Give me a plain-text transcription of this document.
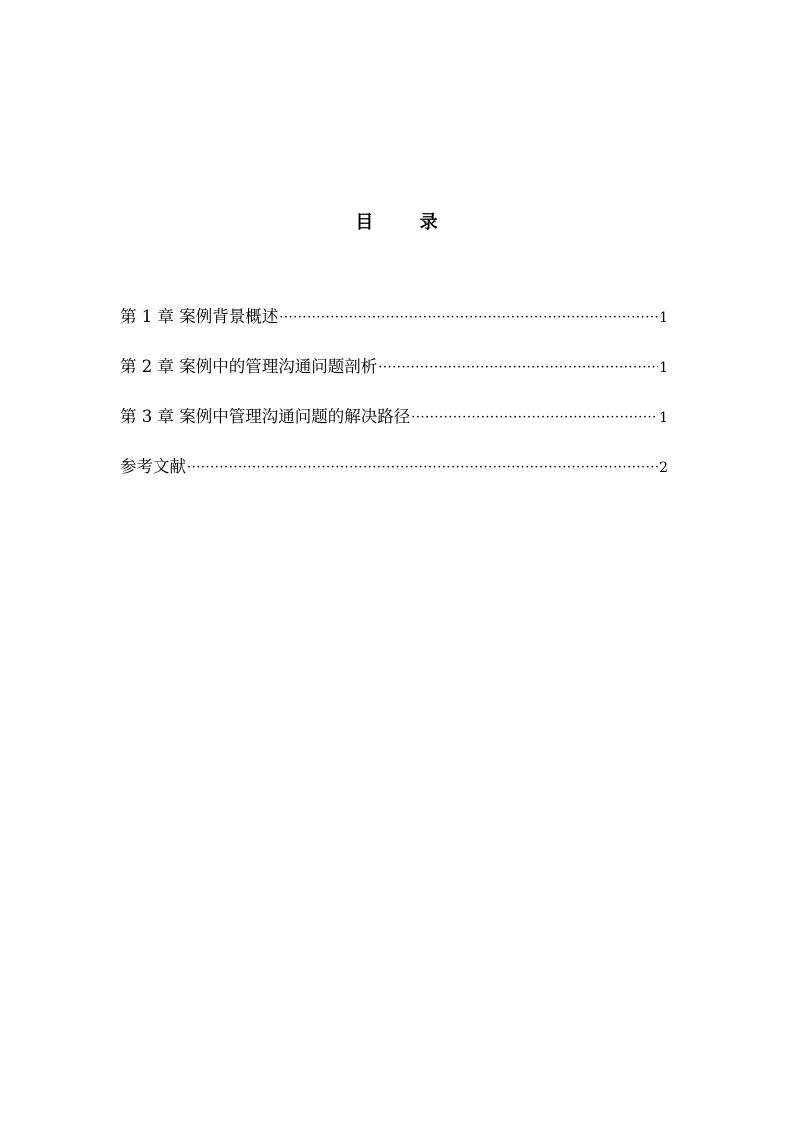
目 录
第 1 章 案例背景概述 ·····	1
第 2 章 案例中的管理沟通问题剖析 ·····	1
第 3 章 案例中管理沟通问题的解决路径 ·····	1
参考文献 ·····	2
